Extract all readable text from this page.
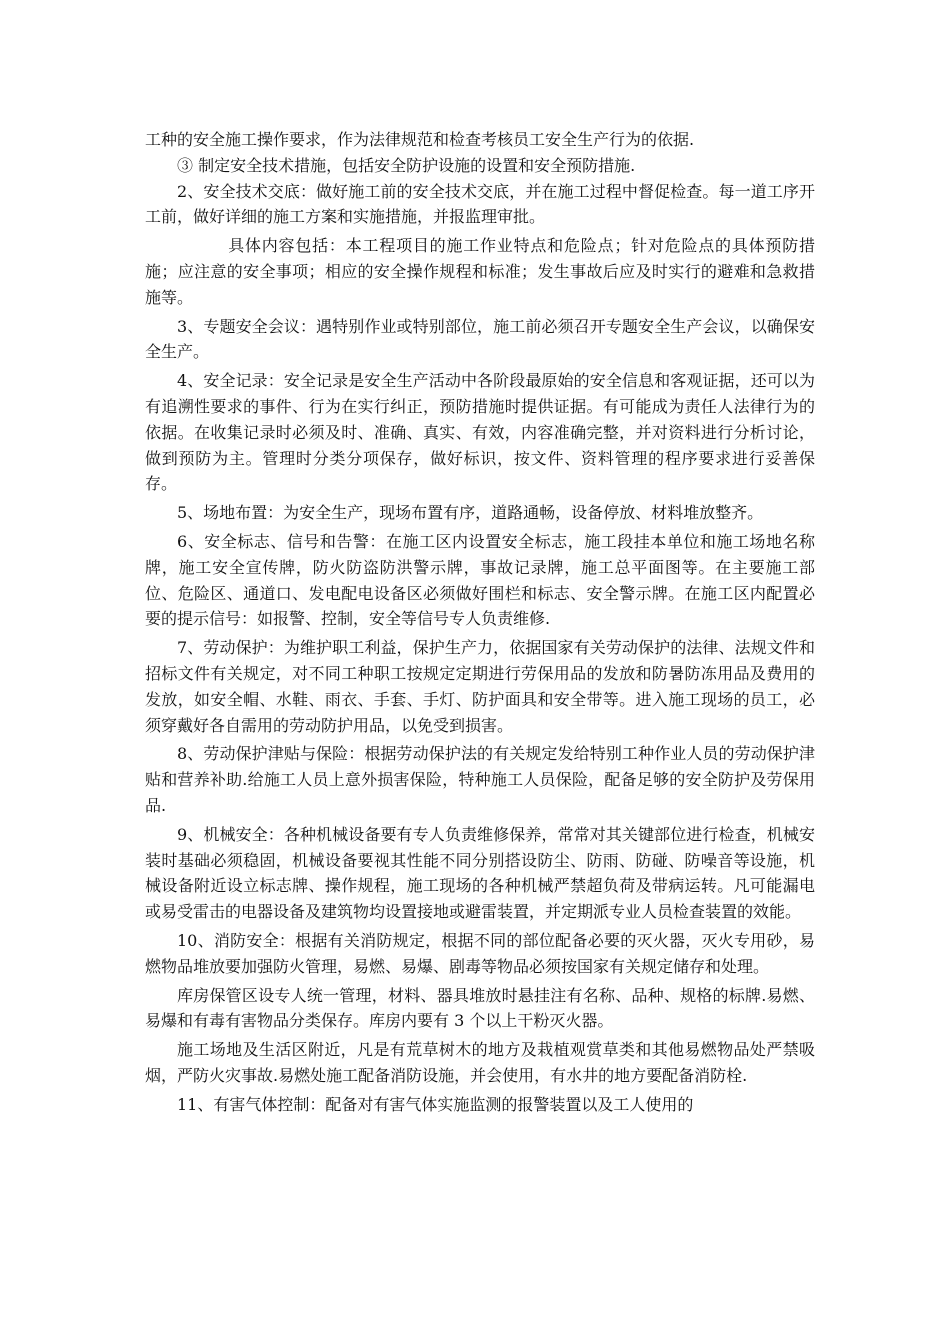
工种的安全施工操作要求，作为法律规范和检查考核员工安全生产行为的依据.

③ 制定安全技术措施，包括安全防护设施的设置和安全预防措施.

2、安全技术交底：做好施工前的安全技术交底，并在施工过程中督促检查。每一道工序开工前，做好详细的施工方案和实施措施，并报监理审批。

具体内容包括：本工程项目的施工作业特点和危险点；针对危险点的具体预防措施；应注意的安全事项；相应的安全操作规程和标准；发生事故后应及时实行的避难和急救措施等。

3、专题安全会议：遇特别作业或特别部位，施工前必须召开专题安全生产会议，以确保安全生产。

4、安全记录：安全记录是安全生产活动中各阶段最原始的安全信息和客观证据，还可以为有追溯性要求的事件、行为在实行纠正，预防措施时提供证据。有可能成为责任人法律行为的依据。在收集记录时必须及时、准确、真实、有效，内容准确完整，并对资料进行分析讨论，做到预防为主。管理时分类分项保存，做好标识，按文件、资料管理的程序要求进行妥善保存。

5、场地布置：为安全生产，现场布置有序，道路通畅，设备停放、材料堆放整齐。

6、安全标志、信号和告警：在施工区内设置安全标志，施工段挂本单位和施工场地名称牌，施工安全宣传牌，防火防盗防洪警示牌，事故记录牌，施工总平面图等。在主要施工部位、危险区、通道口、发电配电设备区必须做好围栏和标志、安全警示牌。在施工区内配置必要的提示信号：如报警、控制，安全等信号专人负责维修.

7、劳动保护：为维护职工利益，保护生产力，依据国家有关劳动保护的法律、法规文件和招标文件有关规定，对不同工种职工按规定定期进行劳保用品的发放和防暑防冻用品及费用的发放，如安全帽、水鞋、雨衣、手套、手灯、防护面具和安全带等。进入施工现场的员工，必须穿戴好各自需用的劳动防护用品，以免受到损害。

8、劳动保护津贴与保险：根据劳动保护法的有关规定发给特别工种作业人员的劳动保护津贴和营养补助.给施工人员上意外损害保险，特种施工人员保险，配备足够的安全防护及劳保用品.

9、机械安全：各种机械设备要有专人负责维修保养，常常对其关键部位进行检查，机械安装时基础必须稳固，机械设备要视其性能不同分别搭设防尘、防雨、防碰、防噪音等设施，机械设备附近设立标志牌、操作规程，施工现场的各种机械严禁超负荷及带病运转。凡可能漏电或易受雷击的电器设备及建筑物均设置接地或避雷装置，并定期派专业人员检查装置的效能。

10、消防安全：根据有关消防规定，根据不同的部位配备必要的灭火器，灭火专用砂，易燃物品堆放要加强防火管理，易燃、易爆、剧毒等物品必须按国家有关规定储存和处理。

库房保管区设专人统一管理，材料、器具堆放时悬挂注有名称、品种、规格的标牌.易燃、易爆和有毒有害物品分类保存。库房内要有 3 个以上干粉灭火器。

施工场地及生活区附近，凡是有荒草树木的地方及栽植观赏草类和其他易燃物品处严禁吸烟，严防火灾事故.易燃处施工配备消防设施，并会使用，有水井的地方要配备消防栓.

11、有害气体控制：配备对有害气体实施监测的报警装置以及工人使用的
